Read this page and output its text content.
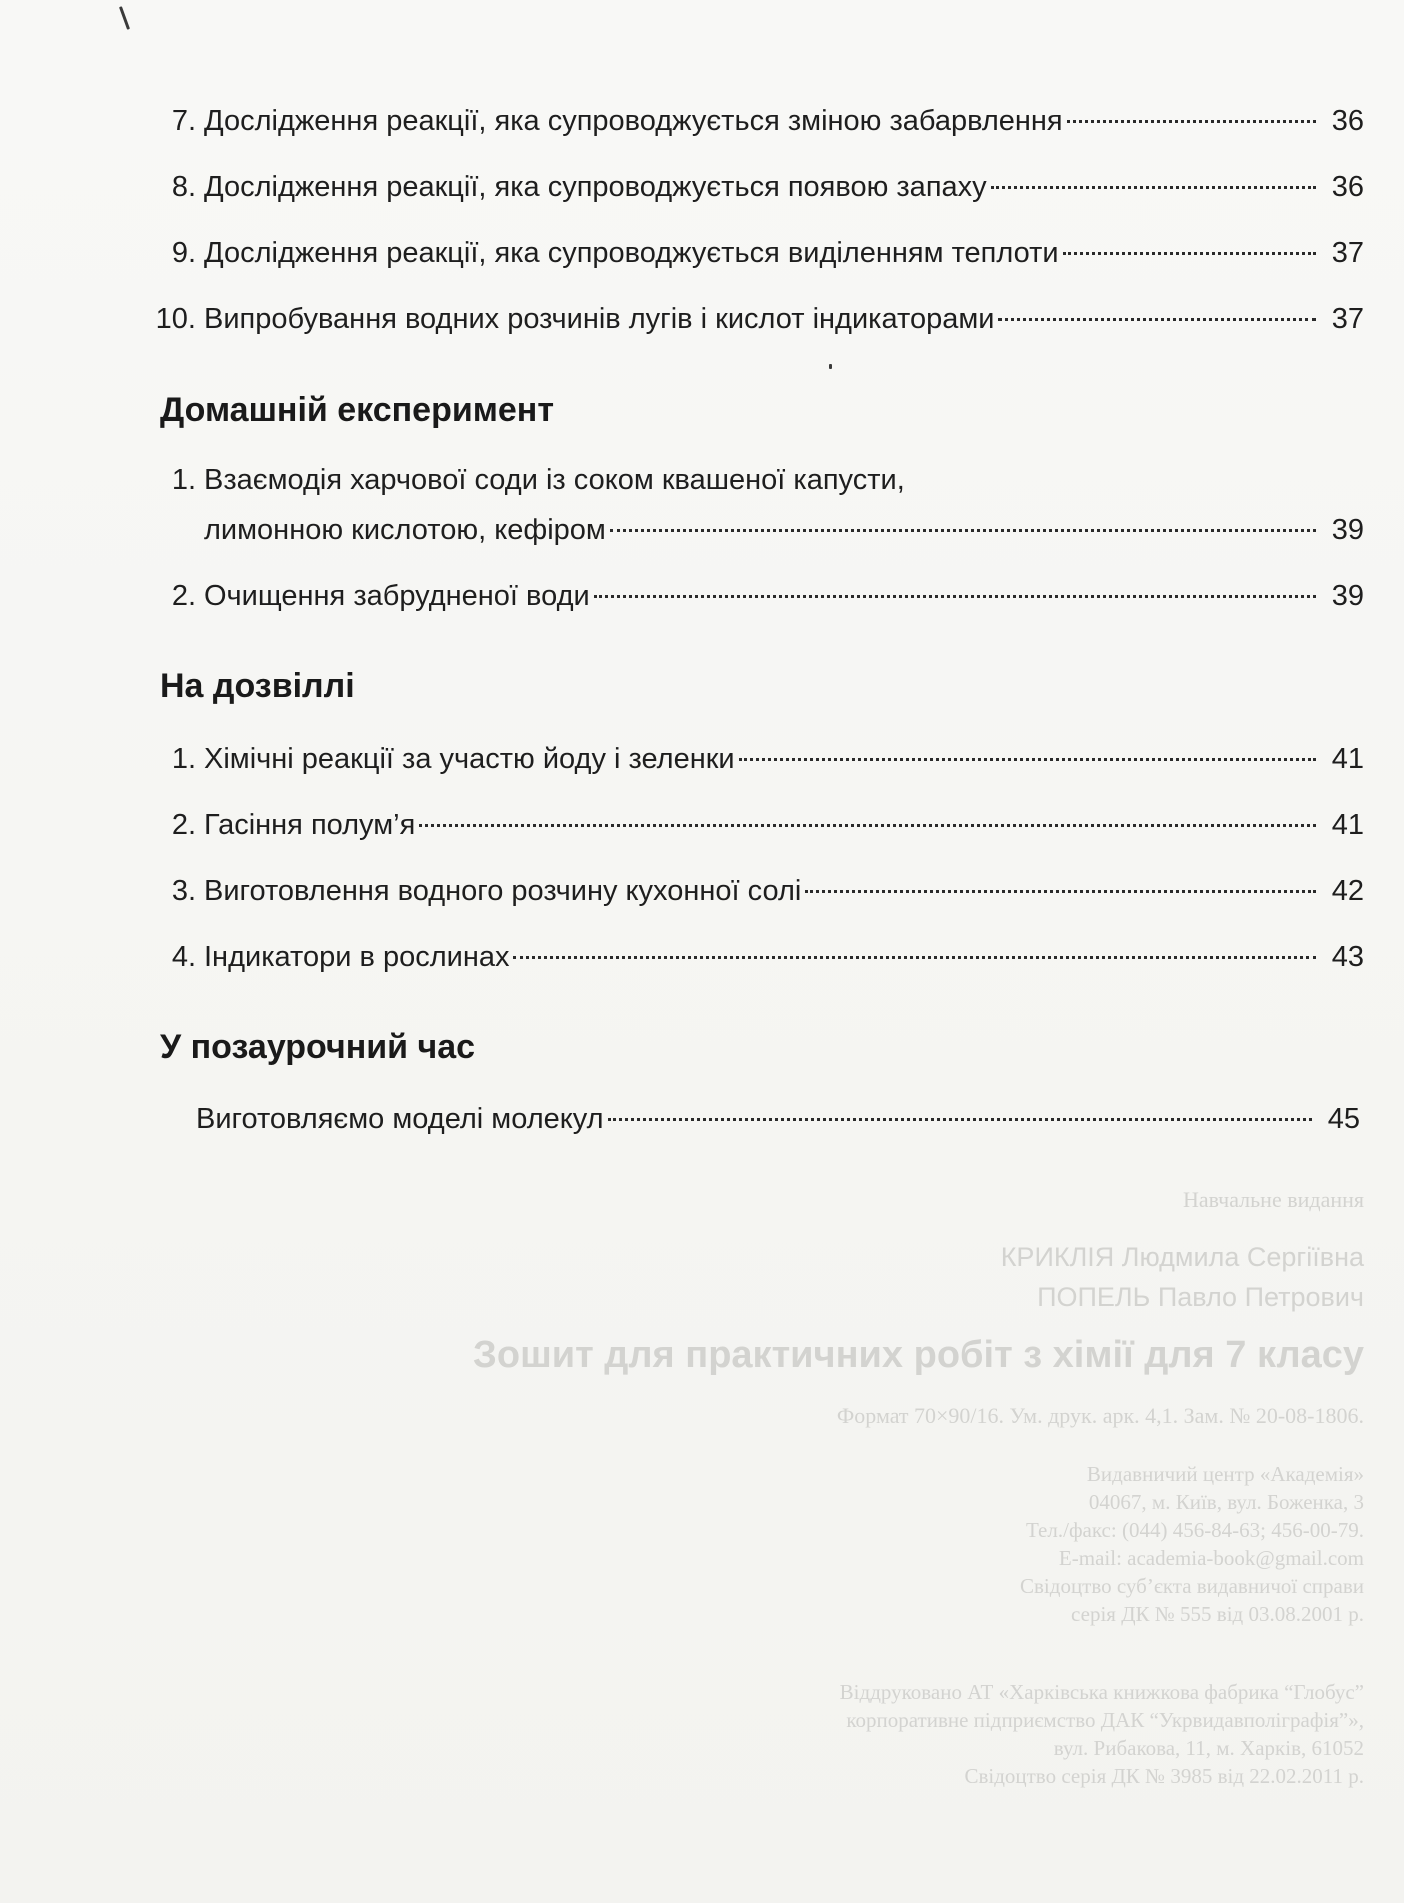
7. Дослідження реакції, яка супроводжується зміною забарвлення	36
8. Дослідження реакції, яка супроводжується появою запаху	36
9. Дослідження реакції, яка супроводжується виділенням теплоти	37
10. Випробування водних розчинів лугів і кислот індикаторами	37
Домашній експеримент
1. Взаємодія харчової соди із соком квашеної капусти,
лимонною кислотою, кефіром	39
2. Очищення забрудненої води	39
На дозвіллі
1. Хімічні реакції за участю йоду і зеленки	41
2. Гасіння полум’я	41
3. Виготовлення водного розчину кухонної солі	42
4. Індикатори в рослинах	43
У позаурочний час
Виготовляємо моделі молекул	45
Навчальне видання
КРИКЛІЯ Людмила Сергіївна
ПОПЕЛЬ Павло Петрович
Зошит для практичних робіт з хімії для 7 класу
Формат 70×90/16. Ум. друк. арк. 4,1. Зам. № 20-08-1806.
Видавничий центр «Академія»
04067, м. Київ, вул. Боженка, 3
Тел./факс: (044) 456-84-63; 456-00-79.
E-mail: academia-book@gmail.com
Свідоцтво суб’єкта видавничої справи
серія ДК № 555 від 03.08.2001 р.
Віддруковано АТ «Харківська книжкова фабрика “Глобус”
корпоративне підприємство ДАК “Укрвидавполіграфія”»,
вул. Рибакова, 11, м. Харків, 61052
Свідоцтво серія ДК № 3985 від 22.02.2011 р.
